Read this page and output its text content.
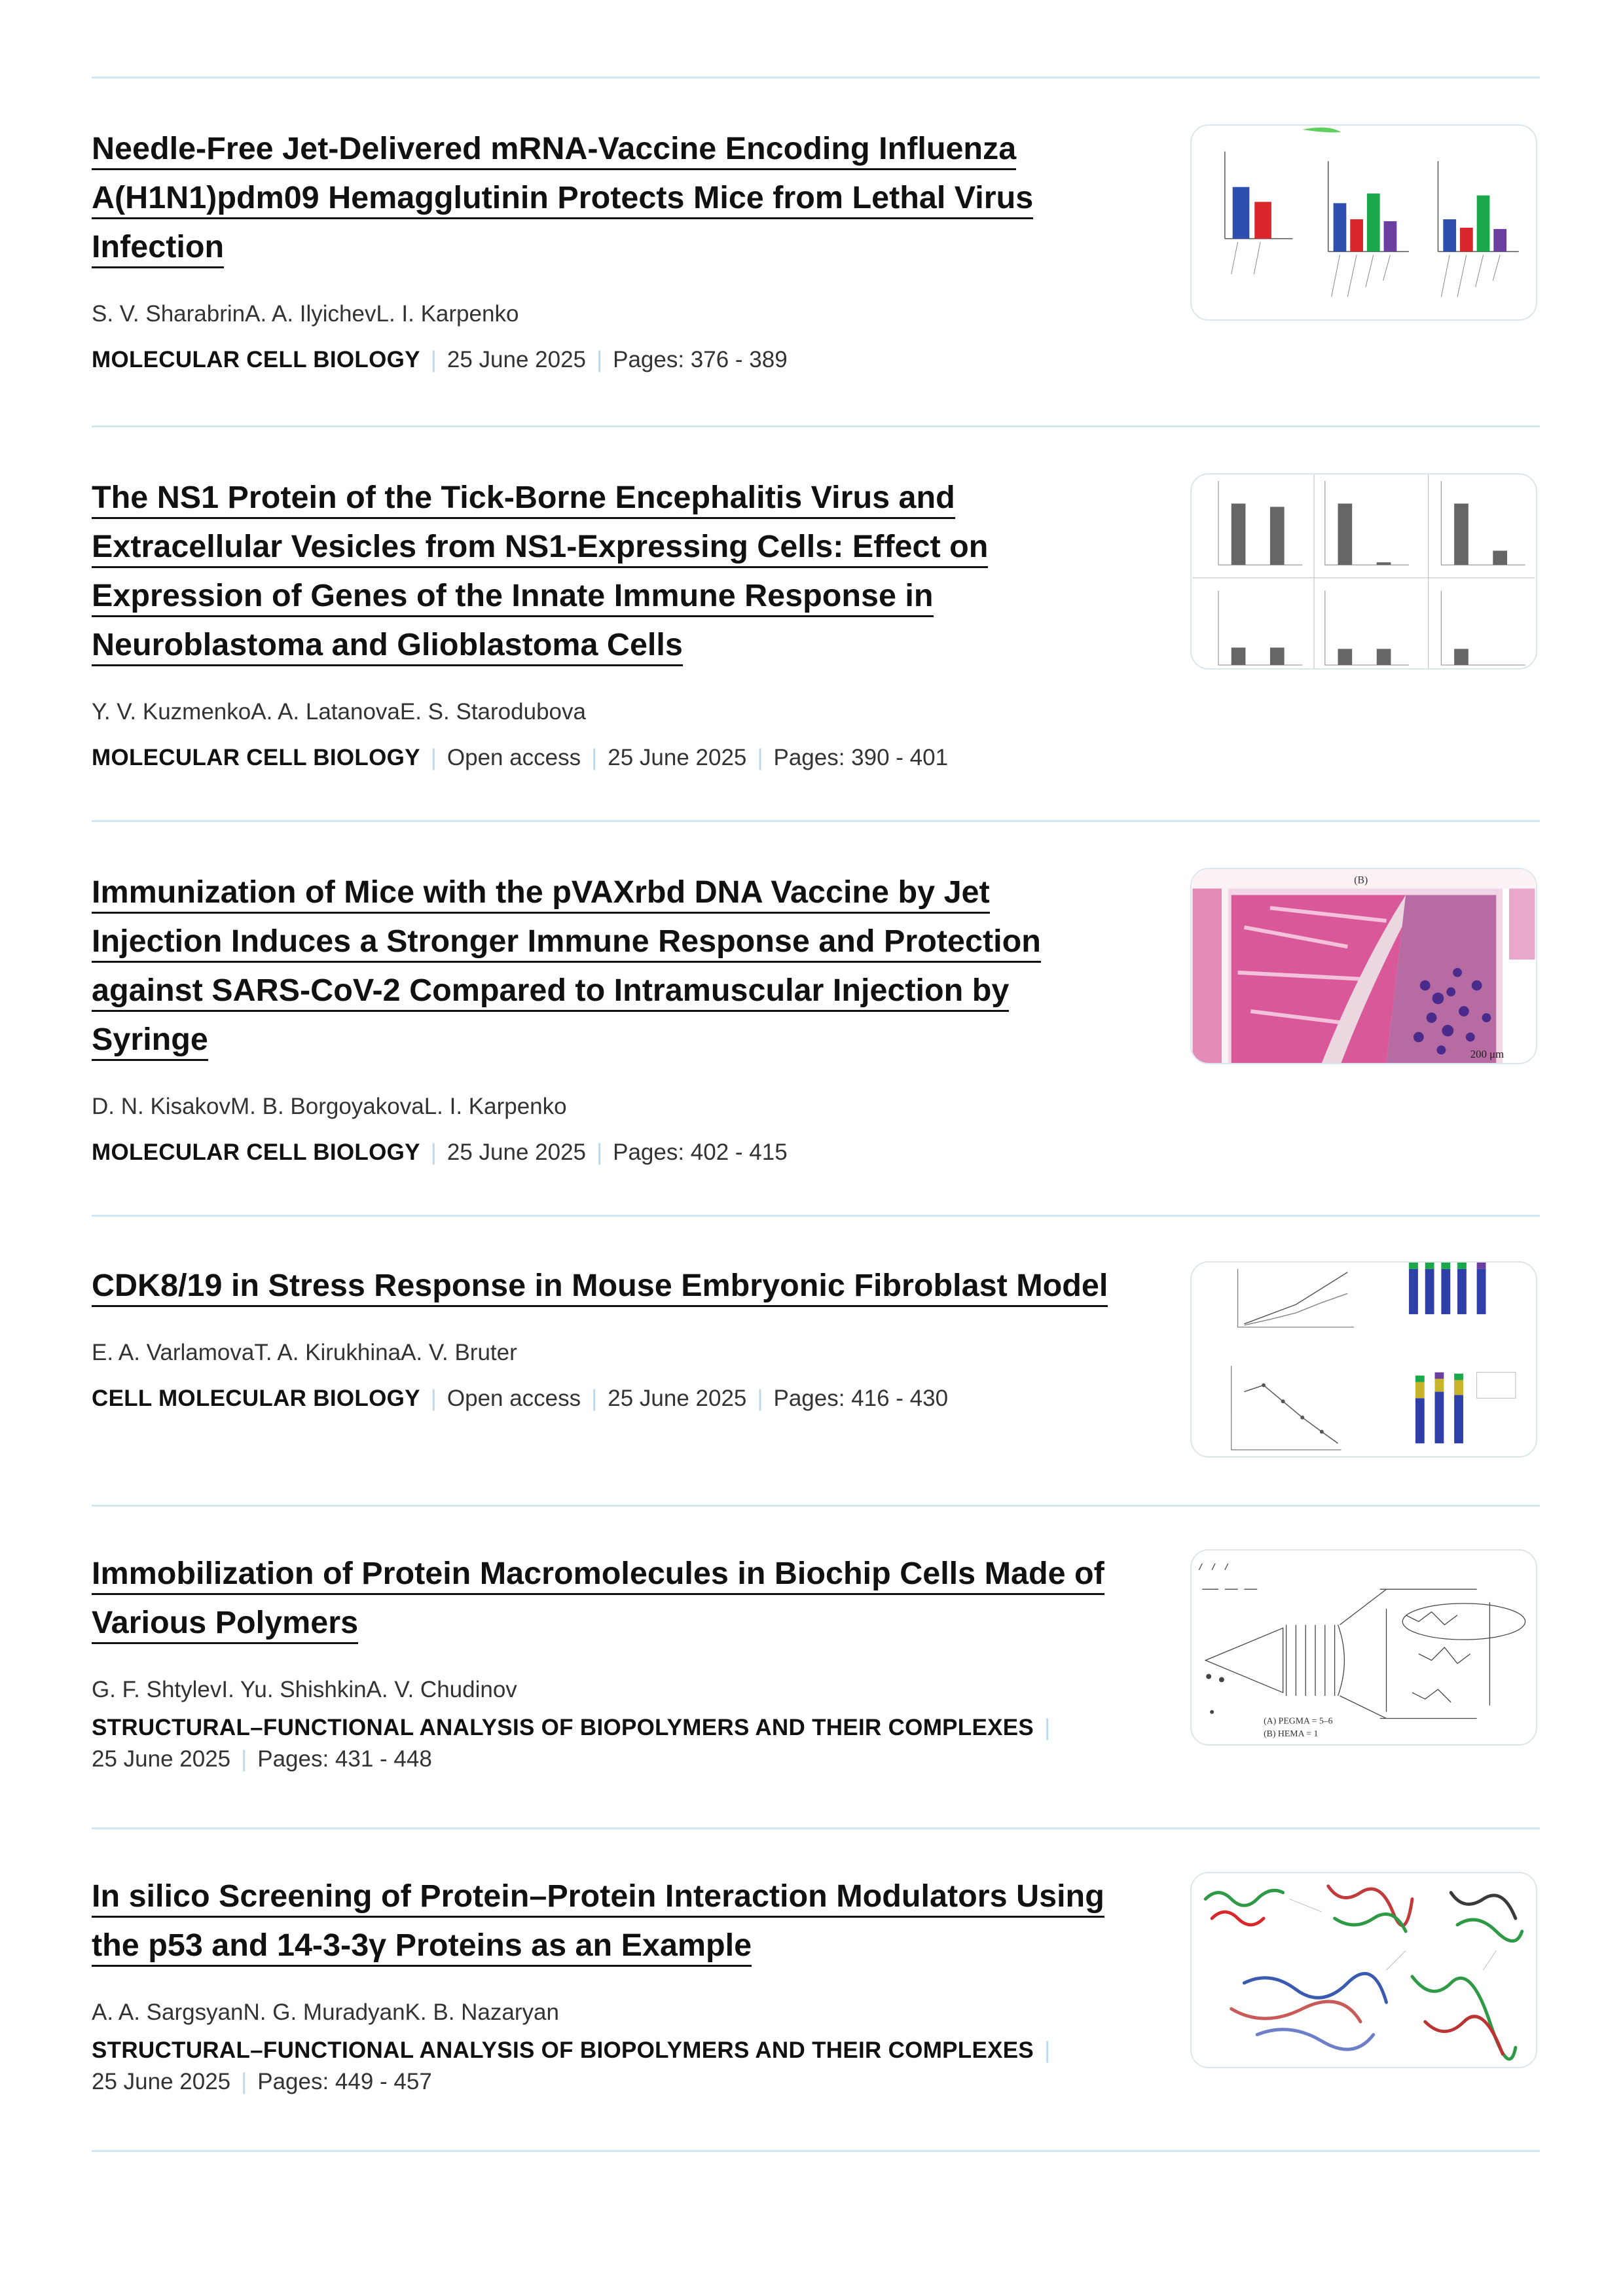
Needle-Free Jet-Delivered mRNA-Vaccine Encoding Influenza
A(H1N1)pdm09 Hemagglutinin Protects Mice from Lethal Virus
Infection
S. V. SharabrinA. A. IlyichevL. I. Karpenko
MOLECULAR CELL BIOLOGY | 25 June 2025 | Pages: 376 - 389
The NS1 Protein of the Tick-Borne Encephalitis Virus and
Extracellular Vesicles from NS1-Expressing Cells: Effect on
Expression of Genes of the Innate Immune Response in
Neuroblastoma and Glioblastoma Cells
Y. V. KuzmenkoA. A. LatanovaE. S. Starodubova
MOLECULAR CELL BIOLOGY | Open access | 25 June 2025 | Pages: 390 - 401
Immunization of Mice with the pVAXrbd DNA Vaccine by Jet
Injection Induces a Stronger Immune Response and Protection
against SARS-CoV-2 Compared to Intramuscular Injection by
Syringe
D. N. KisakovM. B. BorgoyakovaL. I. Karpenko
MOLECULAR CELL BIOLOGY | 25 June 2025 | Pages: 402 - 415
(B)
200 μm
CDK8/19 in Stress Response in Mouse Embryonic Fibroblast Model
E. A. VarlamovaT. A. KirukhinaA. V. Bruter
CELL MOLECULAR BIOLOGY | Open access | 25 June 2025 | Pages: 416 - 430
Immobilization of Protein Macromolecules in Biochip Cells Made of
Various Polymers
G. F. ShtylevI. Yu. ShishkinA. V. Chudinov
STRUCTURAL–FUNCTIONAL ANALYSIS OF BIOPOLYMERS AND THEIR COMPLEXES |
25 June 2025 | Pages: 431 - 448
(A) PEGMA = 5–6
(B) HEMA = 1
In silico Screening of Protein–Protein Interaction Modulators Using
the p53 and 14-3-3γ Proteins as an Example
A. A. SargsyanN. G. MuradyanK. B. Nazaryan
STRUCTURAL–FUNCTIONAL ANALYSIS OF BIOPOLYMERS AND THEIR COMPLEXES |
25 June 2025 | Pages: 449 - 457
